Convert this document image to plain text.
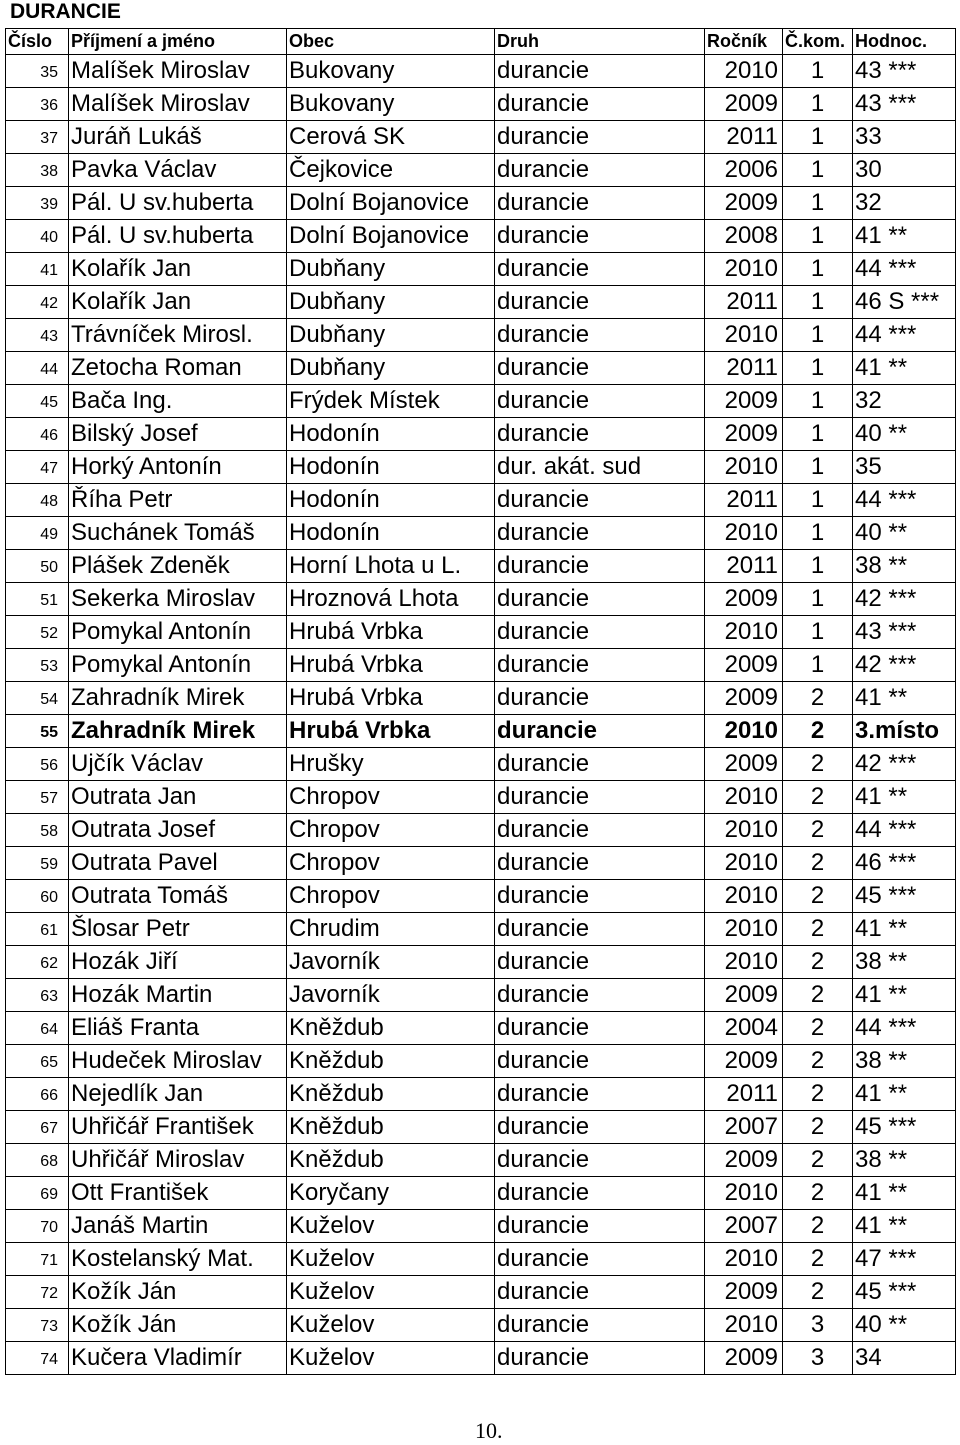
DURANCIE
Číslo	Příjmení a jméno	Obec	Druh	Ročník	Č.kom.	Hodnoc.
35	Malíšek Miroslav	Bukovany	durancie	2010	1	43 ***
36	Malíšek Miroslav	Bukovany	durancie	2009	1	43 ***
37	Juráň Lukáš	Cerová SK	durancie	2011	1	33
38	Pavka Václav	Čejkovice	durancie	2006	1	30
39	Pál. U sv.huberta	Dolní Bojanovice	durancie	2009	1	32
40	Pál. U sv.huberta	Dolní Bojanovice	durancie	2008	1	41 **
41	Kolařík Jan	Dubňany	durancie	2010	1	44 ***
42	Kolařík Jan	Dubňany	durancie	2011	1	46 S ***
43	Trávníček Mirosl.	Dubňany	durancie	2010	1	44 ***
44	Zetocha Roman	Dubňany	durancie	2011	1	41 **
45	Bača Ing.	Frýdek Místek	durancie	2009	1	32
46	Bilský Josef	Hodonín	durancie	2009	1	40 **
47	Horký Antonín	Hodonín	dur. akát. sud	2010	1	35
48	Říha Petr	Hodonín	durancie	2011	1	44 ***
49	Suchánek Tomáš	Hodonín	durancie	2010	1	40 **
50	Plášek Zdeněk	Horní Lhota u L.	durancie	2011	1	38 **
51	Sekerka Miroslav	Hroznová Lhota	durancie	2009	1	42 ***
52	Pomykal Antonín	Hrubá Vrbka	durancie	2010	1	43 ***
53	Pomykal Antonín	Hrubá Vrbka	durancie	2009	1	42 ***
54	Zahradník Mirek	Hrubá Vrbka	durancie	2009	2	41 **
55	Zahradník Mirek	Hrubá Vrbka	durancie	2010	2	3.místo
56	Ujčík Václav	Hrušky	durancie	2009	2	42 ***
57	Outrata Jan	Chropov	durancie	2010	2	41 **
58	Outrata Josef	Chropov	durancie	2010	2	44 ***
59	Outrata Pavel	Chropov	durancie	2010	2	46 ***
60	Outrata Tomáš	Chropov	durancie	2010	2	45 ***
61	Šlosar Petr	Chrudim	durancie	2010	2	41 **
62	Hozák Jiří	Javorník	durancie	2010	2	38 **
63	Hozák Martin	Javorník	durancie	2009	2	41 **
64	Eliáš Franta	Kněždub	durancie	2004	2	44 ***
65	Hudeček Miroslav	Kněždub	durancie	2009	2	38 **
66	Nejedlík Jan	Kněždub	durancie	2011	2	41 **
67	Uhřičář František	Kněždub	durancie	2007	2	45 ***
68	Uhřičář Miroslav	Kněždub	durancie	2009	2	38 **
69	Ott František	Koryčany	durancie	2010	2	41 **
70	Janáš Martin	Kuželov	durancie	2007	2	41 **
71	Kostelanský Mat.	Kuželov	durancie	2010	2	47 ***
72	Kožík Ján	Kuželov	durancie	2009	2	45 ***
73	Kožík Ján	Kuželov	durancie	2010	3	40 **
74	Kučera Vladimír	Kuželov	durancie	2009	3	34
10.
